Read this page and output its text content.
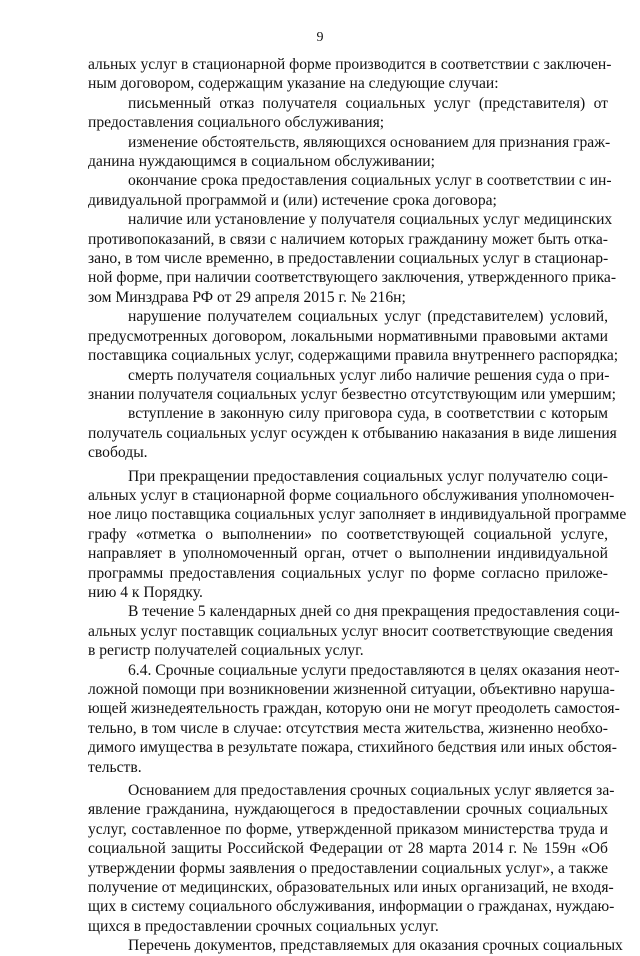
9
альных услуг в стационарной форме производится в соответствии с заключен-
ным договором, содержащим указание на следующие случаи:
письменный отказ получателя социальных услуг (представителя) от
предоставления социального обслуживания;
изменение обстоятельств, являющихся основанием для признания граж-
данина нуждающимся в социальном обслуживании;
окончание срока предоставления социальных услуг в соответствии с ин-
дивидуальной программой и (или) истечение срока договора;
наличие или установление у получателя социальных услуг медицинских
противопоказаний, в связи с наличием которых гражданину может быть отка-
зано, в том числе временно, в предоставлении социальных услуг в стационар-
ной форме, при наличии соответствующего заключения, утвержденного прика-
зом Минздрава РФ от 29 апреля 2015 г. № 216н;
нарушение получателем социальных услуг (представителем) условий,
предусмотренных договором, локальными нормативными правовыми актами
поставщика социальных услуг, содержащими правила внутреннего распорядка;
смерть получателя социальных услуг либо наличие решения суда о при-
знании получателя социальных услуг безвестно отсутствующим или умершим;
вступление в законную силу приговора суда, в соответствии с которым
получатель социальных услуг осужден к отбыванию наказания в виде лишения
свободы.
При прекращении предоставления социальных услуг получателю соци-
альных услуг в стационарной форме социального обслуживания уполномочен-
ное лицо поставщика социальных услуг заполняет в индивидуальной программе
графу «отметка о выполнении» по соответствующей социальной услуге,
направляет в уполномоченный орган, отчет о выполнении индивидуальной
программы предоставления социальных услуг по форме согласно приложе-
нию 4 к Порядку.
В течение 5 календарных дней со дня прекращения предоставления соци-
альных услуг поставщик социальных услуг вносит соответствующие сведения
в регистр получателей социальных услуг.
6.4. Срочные социальные услуги предоставляются в целях оказания неот-
ложной помощи при возникновении жизненной ситуации, объективно наруша-
ющей жизнедеятельность граждан, которую они не могут преодолеть самостоя-
тельно, в том числе в случае: отсутствия места жительства, жизненно необхо-
димого имущества в результате пожара, стихийного бедствия или иных обстоя-
тельств.
Основанием для предоставления срочных социальных услуг является за-
явление гражданина, нуждающегося в предоставлении срочных социальных
услуг, составленное по форме, утвержденной приказом министерства труда и
социальной защиты Российской Федерации от 28 марта 2014 г. № 159н «Об
утверждении формы заявления о предоставлении социальных услуг», а также
получение от медицинских, образовательных или иных организаций, не входя-
щих в систему социального обслуживания, информации о гражданах, нуждаю-
щихся в предоставлении срочных социальных услуг.
Перечень документов, представляемых для оказания срочных социальных
